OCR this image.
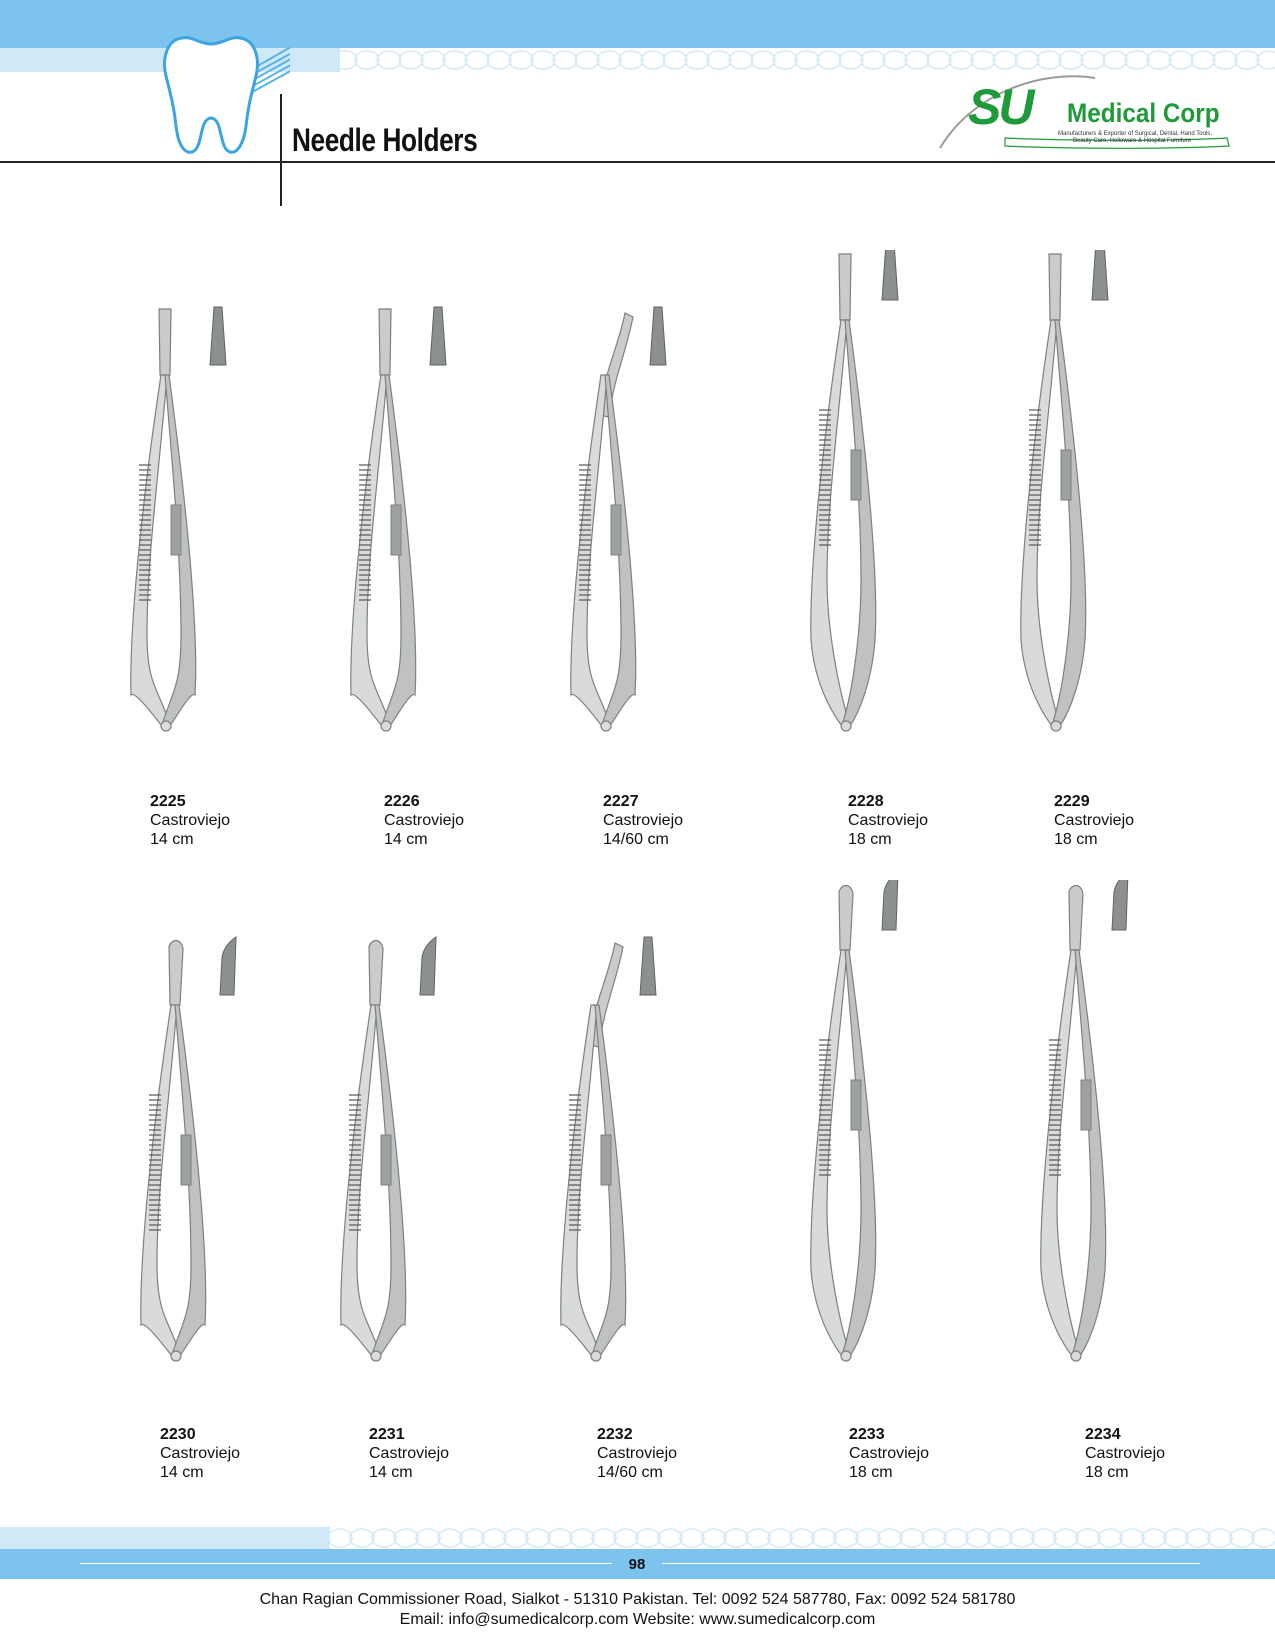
Needle Holders
SU Medical Corp
Manufacturers & Exporter of Surgical, Dental, Hand Tools,
Beauty Care, Holloware & Hospital Furniture
2225
Castroviejo
14 cm
2226
Castroviejo
14 cm
2227
Castroviejo
14/60 cm
2228
Castroviejo
18 cm
2229
Castroviejo
18 cm
2230
Castroviejo
14 cm
2231
Castroviejo
14 cm
2232
Castroviejo
14/60 cm
2233
Castroviejo
18 cm
2234
Castroviejo
18 cm
98
Chan Ragian Commissioner Road, Sialkot - 51310 Pakistan. Tel: 0092 524 587780, Fax: 0092 524 581780
Email: info@sumedicalcorp.com Website: www.sumedicalcorp.com
